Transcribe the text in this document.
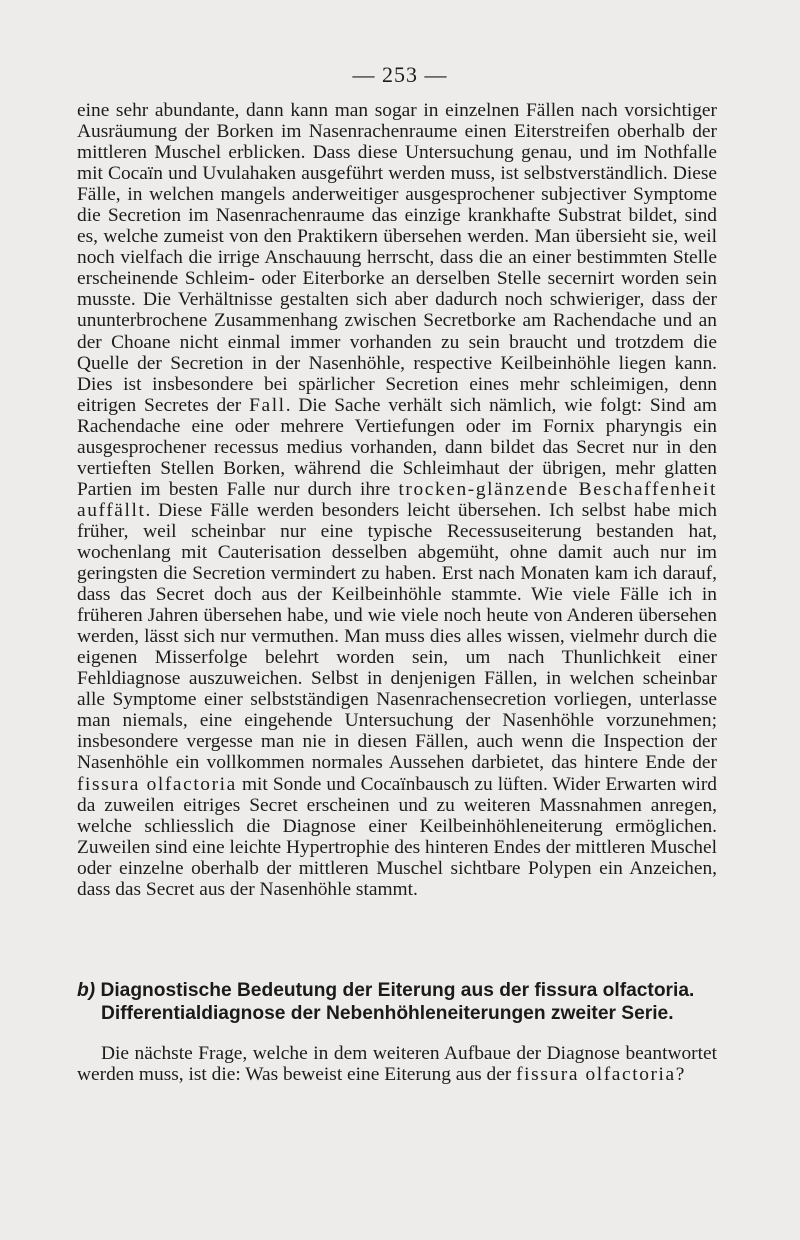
— 253 —

eine sehr abundante, dann kann man sogar in einzelnen Fällen nach vorsichtiger Ausräumung der Borken im Nasenrachenraume einen Eiterstreifen oberhalb der mittleren Muschel erblicken. Dass diese Untersuchung genau, und im Nothfalle mit Cocaïn und Uvulahaken ausgeführt werden muss, ist selbstverständlich. Diese Fälle, in welchen mangels anderweitiger ausgesprochener subjectiver Symptome die Secretion im Nasenrachenraume das einzige krankhafte Substrat bildet, sind es, welche zumeist von den Praktikern übersehen werden. Man übersieht sie, weil noch vielfach die irrige Anschauung herrscht, dass die an einer bestimmten Stelle erscheinende Schleim- oder Eiterborke an derselben Stelle secernirt worden sein musste. Die Verhältnisse gestalten sich aber dadurch noch schwieriger, dass der ununterbrochene Zusammenhang zwischen Secretborke am Rachendache und an der Choane nicht einmal immer vorhanden zu sein braucht und trotzdem die Quelle der Secretion in der Nasenhöhle, respective Keilbeinhöhle liegen kann. Dies ist insbesondere bei spärlicher Secretion eines mehr schleimigen, denn eitrigen Secretes der Fall. Die Sache verhält sich nämlich, wie folgt: Sind am Rachendache eine oder mehrere Vertiefungen oder im Fornix pharyngis ein ausgesprochener recessus medius vorhanden, dann bildet das Secret nur in den vertieften Stellen Borken, während die Schleimhaut der übrigen, mehr glatten Partien im besten Falle nur durch ihre trocken-glänzende Beschaffenheit auffällt. Diese Fälle werden besonders leicht übersehen. Ich selbst habe mich früher, weil scheinbar nur eine typische Recessuseiterung bestanden hat, wochenlang mit Cauterisation desselben abgemüht, ohne damit auch nur im geringsten die Secretion vermindert zu haben. Erst nach Monaten kam ich darauf, dass das Secret doch aus der Keilbeinhöhle stammte. Wie viele Fälle ich in früheren Jahren übersehen habe, und wie viele noch heute von Anderen übersehen werden, lässt sich nur vermuthen. Man muss dies alles wissen, vielmehr durch die eigenen Misserfolge belehrt worden sein, um nach Thunlichkeit einer Fehldiagnose auszuweichen. Selbst in denjenigen Fällen, in welchen scheinbar alle Symptome einer selbstständigen Nasenrachensecretion vorliegen, unterlasse man niemals, eine eingehende Untersuchung der Nasenhöhle vorzunehmen; insbesondere vergesse man nie in diesen Fällen, auch wenn die Inspection der Nasenhöhle ein vollkommen normales Aussehen darbietet, das hintere Ende der fissura olfactoria mit Sonde und Cocaïnbausch zu lüften. Wider Erwarten wird da zuweilen eitriges Secret erscheinen und zu weiteren Massnahmen anregen, welche schliesslich die Diagnose einer Keilbeinhöhleneiterung ermöglichen. Zuweilen sind eine leichte Hypertrophie des hinteren Endes der mittleren Muschel oder einzelne oberhalb der mittleren Muschel sichtbare Polypen ein Anzeichen, dass das Secret aus der Nasenhöhle stammt.

b) Diagnostische Bedeutung der Eiterung aus der fissura olfactoria.
Differentialdiagnose der Nebenhöhleneiterungen zweiter Serie.

Die nächste Frage, welche in dem weiteren Aufbaue der Diagnose beantwortet werden muss, ist die: Was beweist eine Eiterung aus der fissura olfactoria?
